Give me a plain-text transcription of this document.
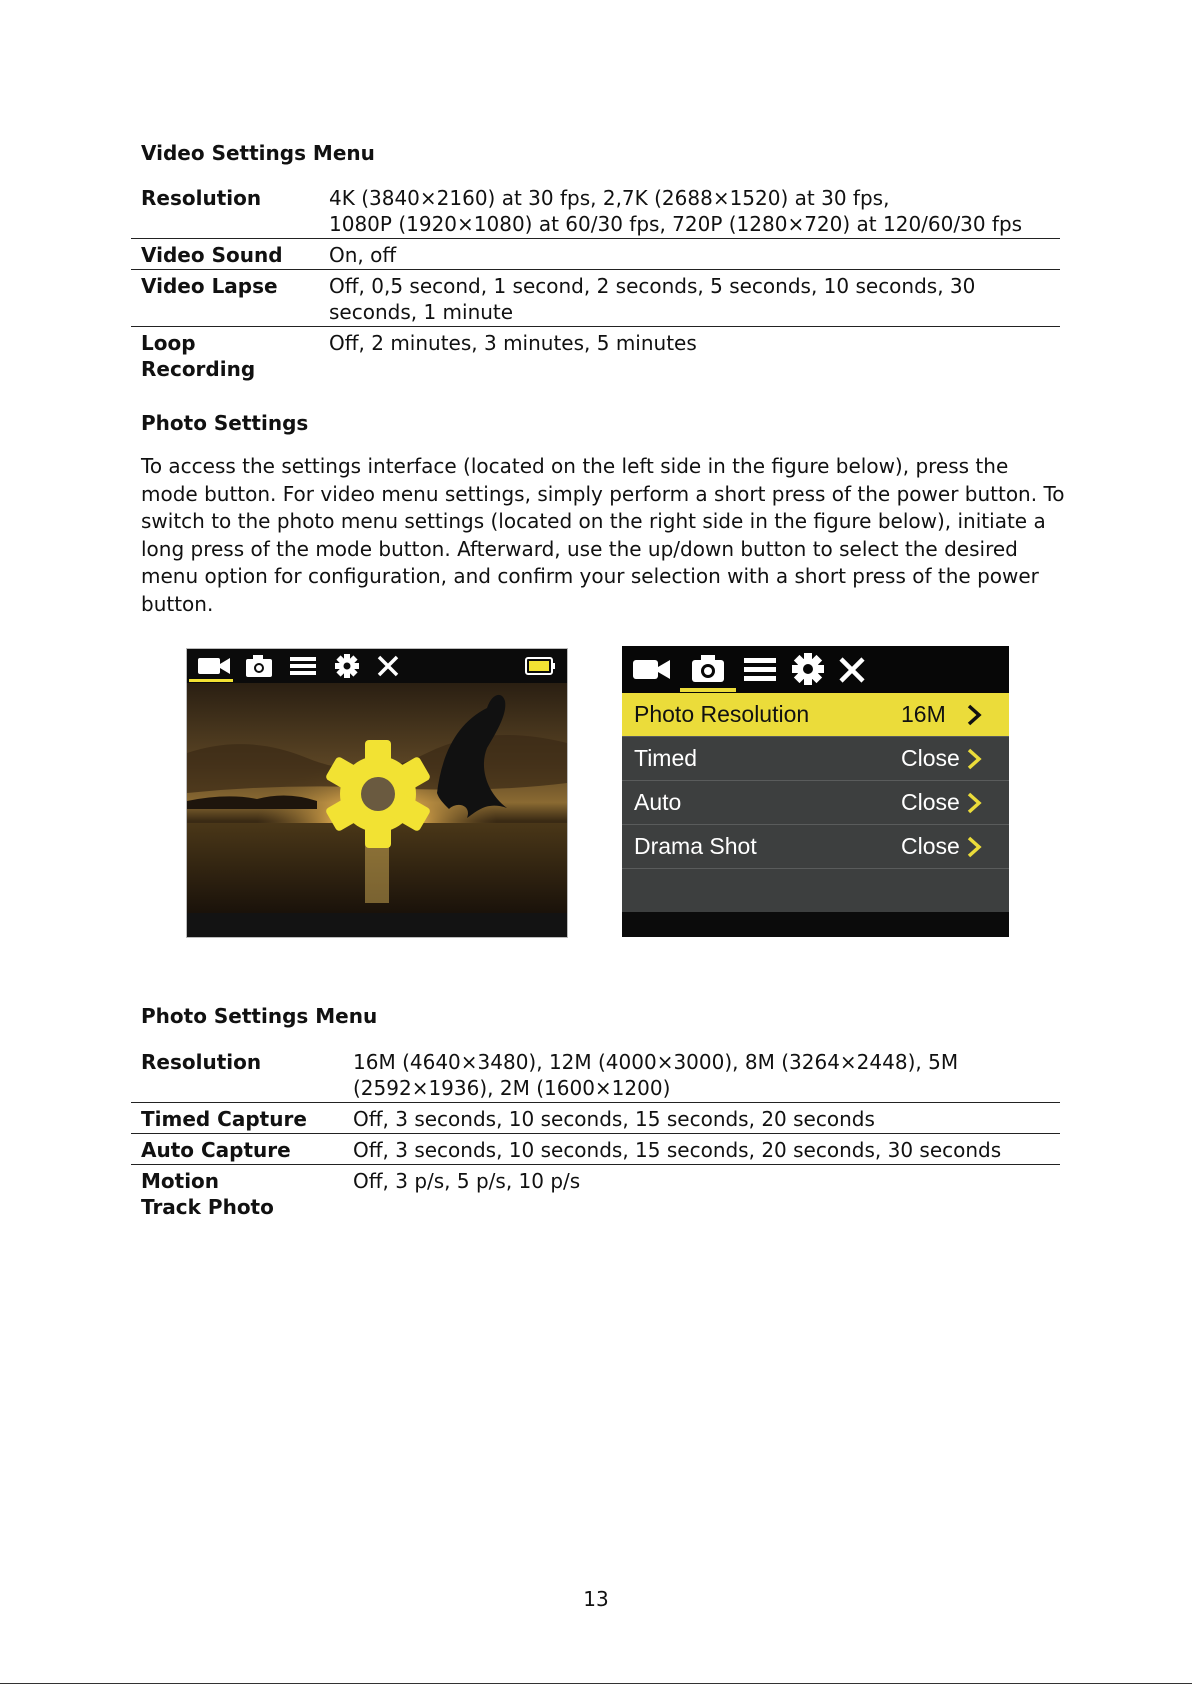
Video Settings Menu
Resolution	4K (3840×2160) at 30 fps, 2,7K (2688×1520) at 30 fps,
1080P (1920×1080) at 60/30 fps, 720P (1280×720) at 120/60/30 fps
Video Sound	On, off
Video Lapse	Off, 0,5 second, 1 second, 2 seconds, 5 seconds, 10 seconds, 30 seconds, 1 minute
Loop
Recording	Off, 2 minutes, 3 minutes, 5 minutes
Photo Settings

To access the settings interface (located on the left side in the figure below), press the mode button. For video menu settings, simply perform a short press of the power button. To switch to the photo menu settings (located on the right side in the figure below), initiate a long press of the mode button. Afterward, use the up/down button to select the desired menu option for configuration, and confirm your selection with a short press of the power button.

Photo Resolution	16M
Timed	Close
Auto	Close
Drama Shot	Close
Photo Settings Menu
Resolution	16M (4640×3480), 12M (4000×3000), 8M (3264×2448), 5M (2592×1936), 2M (1600×1200)
Timed Capture	Off, 3 seconds, 10 seconds, 15 seconds, 20 seconds
Auto Capture	Off, 3 seconds, 10 seconds, 15 seconds, 20 seconds, 30 seconds
Motion Track Photo	Off, 3 p/s, 5 p/s, 10 p/s
13
